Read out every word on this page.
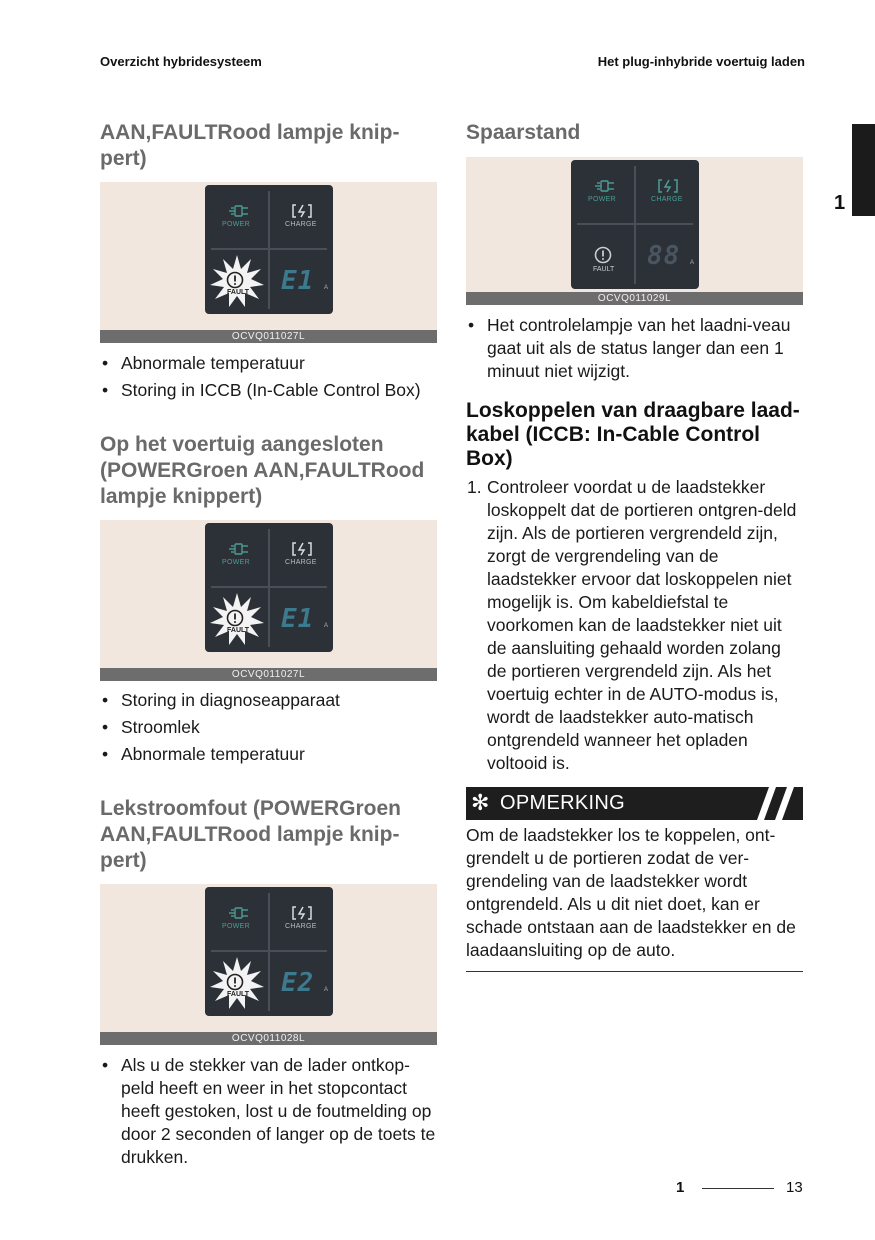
Overzicht hybridesysteem	Het plug-inhybride voertuig laden
1
AAN,FAULTRood lampje knip-
pert)
POWER	CHARGE
FAULT E1	A
OCVQ011027L
• Abnormale temperatuur
• Storing in ICCB (In-Cable Control Box)
Op het voertuig aangesloten
(POWERGroen AAN,FAULTRood
lampje knippert)
POWER	CHARGE
FAULT E1	A
OCVQ011027L
• Storing in diagnoseapparaat
• Stroomlek
• Abnormale temperatuur
Lekstroomfout (POWERGroen
AAN,FAULTRood lampje knip-
pert)
POWER	CHARGE
FAULT E2	A
OCVQ011028L
• Als u de stekker van de lader ontkop-peld heeft en weer in het stopcontact heeft gestoken, lost u de foutmelding op door 2 seconden of langer op de toets te drukken.
Spaarstand
POWER	CHARGE
FAULT 88	A
OCVQ011029L
• Het controlelampje van het laadni-veau gaat uit als de status langer dan een 1 minuut niet wijzigt.
Loskoppelen van draagbare laad-
kabel (ICCB: In-Cable Control
Box)
1. Controleer voordat u de laadstekker loskoppelt dat de portieren ontgren-deld zijn. Als de portieren vergrendeld zijn, zorgt de vergrendeling van de laadstekker ervoor dat loskoppelen niet mogelijk is. Om kabeldiefstal te voorkomen kan de laadstekker niet uit de aansluiting gehaald worden zolang de portieren vergrendeld zijn. Als het voertuig echter in de AUTO-modus is, wordt de laadstekker auto-matisch ontgrendeld wanneer het opladen voltooid is.
✻ OPMERKING
Om de laadstekker los te koppelen, ont-grendelt u de portieren zodat de ver-grendeling van de laadstekker wordt ontgrendeld. Als u dit niet doet, kan er schade ontstaan aan de laadstekker en de laadaansluiting op de auto.
1	13
